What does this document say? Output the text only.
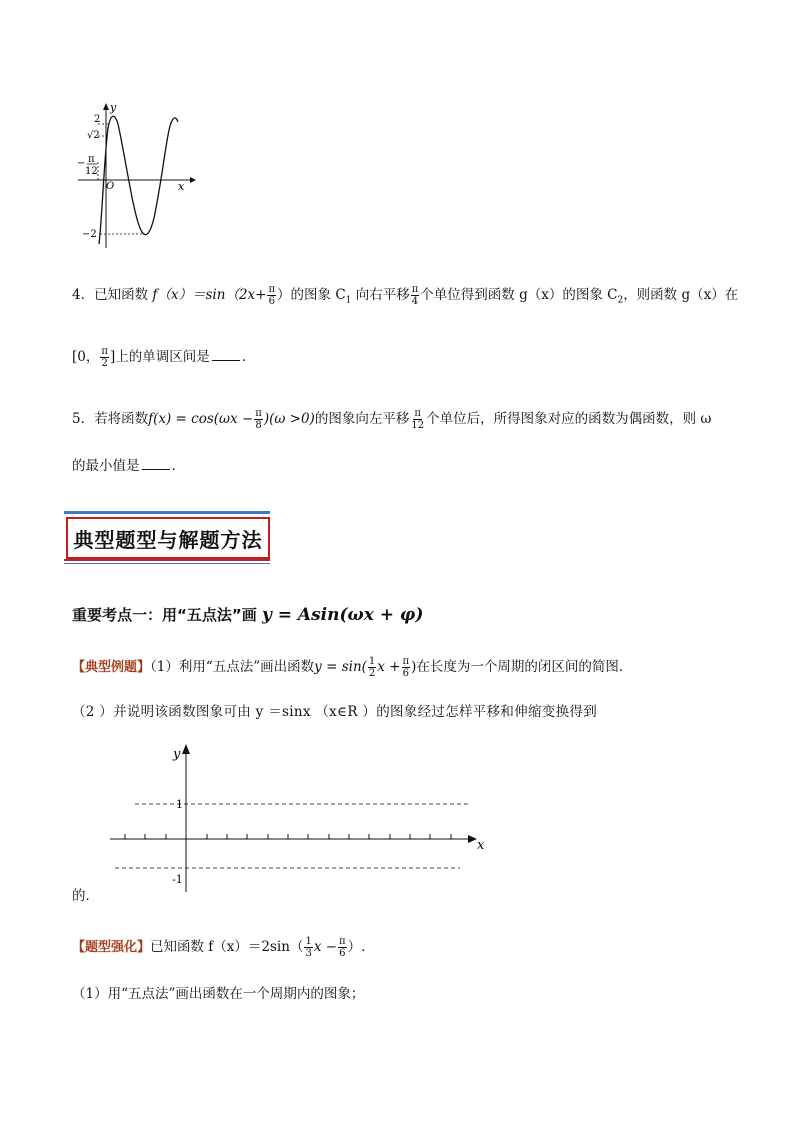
y
x
O
2
√2
− π
12
−2
4．已知函数 $f(x)=\sin(2x+ \frac{\pi}{6}$ ）的图象 $C_1$ 向右平移 $\frac{\pi}{4}$ 个单位得到函数 g（x）的图象 $C_2$，则函数 g（x）在
[0， $\frac{\pi}{2}$ ]上的单调区间是 ．
5．若将函数$f(x) = \cos(\omega x - \frac{\pi}{8} )(\omega >0)$的图象向左平移 $\frac{\pi}{12}$ 个单位后，所得图象对应的函数为偶函数，则 ω
的最小值是 ．
典型题型与解题方法
重要考点一：用“五点法”画 y = Asin(ωx + φ)
【典型例题】（1）利用“五点法”画出函数$y = \sin( \frac{1}{2}$ $x + \frac{\pi}{6}$ )在长度为一个周期的闭区间的简图．
（2 ）并说明该函数图象可由 y ＝sinx （x∈R ）的图象经过怎样平移和伸缩变换得到
y
x
1
-1
的．
【题型强化】已知函数 $f(x)=2\sin( \frac{1}{3}$ $x - \frac{\pi}{6}$ ）.
（1）用“五点法”画出函数在一个周期内的图象；
